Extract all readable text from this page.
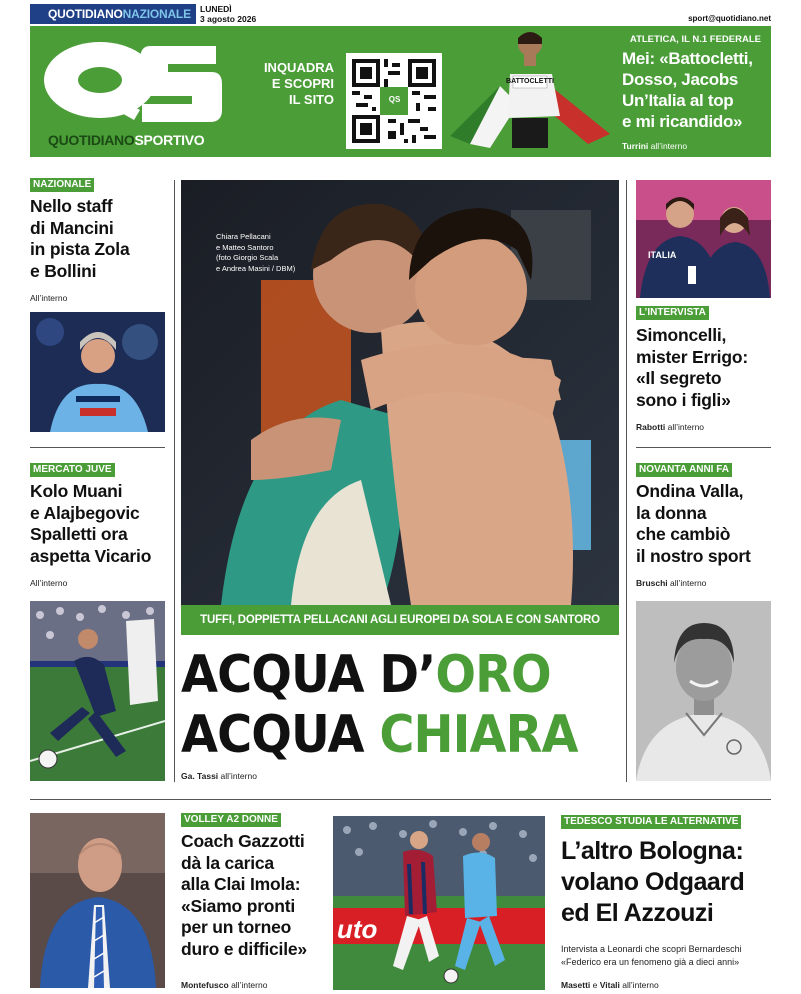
QUOTIDIANONAZIONALE	LUNEDÌ
3 agosto 2026	sport@quotidiano.net
QUOTIDIANOSPORTIVO
INQUADRA
E SCOPRI
IL SITO	QS
BATTOCLETTI
ATLETICA, IL N.1 FEDERALE
Mei: «Battocletti,
Dosso, Jacobs
Un’Italia al top
e mi ricandido»
Turrini all’interno
NAZIONALE
Nello staff
di Mancini
in pista Zola
e Bollini
All’interno
MERCATO JUVE
Kolo Muani
e Alajbegovic
Spalletti ora
aspetta Vicario
All’interno
Chiara Pellacani
e Matteo Santoro
(foto Giorgio Scala
e Andrea Masini / DBM)
TUFFI, DOPPIETTA PELLACANI AGLI EUROPEI DA SOLA E CON SANTORO
ACQUA D’ORO
ACQUA CHIARA
Ga. Tassi all’interno
ITALIA
L’INTERVISTA
Simoncelli,
mister Errigo:
«Il segreto
sono i figli»
Rabotti all’interno
NOVANTA ANNI FA
Ondina Valla,
la donna
che cambiò
il nostro sport
Bruschi all’interno
VOLLEY A2 DONNE
Coach Gazzotti
dà la carica
alla Clai Imola:
«Siamo pronti
per un torneo
duro e difficile»
Montefusco all’interno
uto
TEDESCO STUDIA LE ALTERNATIVE
L’altro Bologna:
volano Odgaard
ed El Azzouzi
Intervista a Leonardi che scopri Bernardeschi
«Federico era un fenomeno già a dieci anni»
Masetti e Vitali all’interno
